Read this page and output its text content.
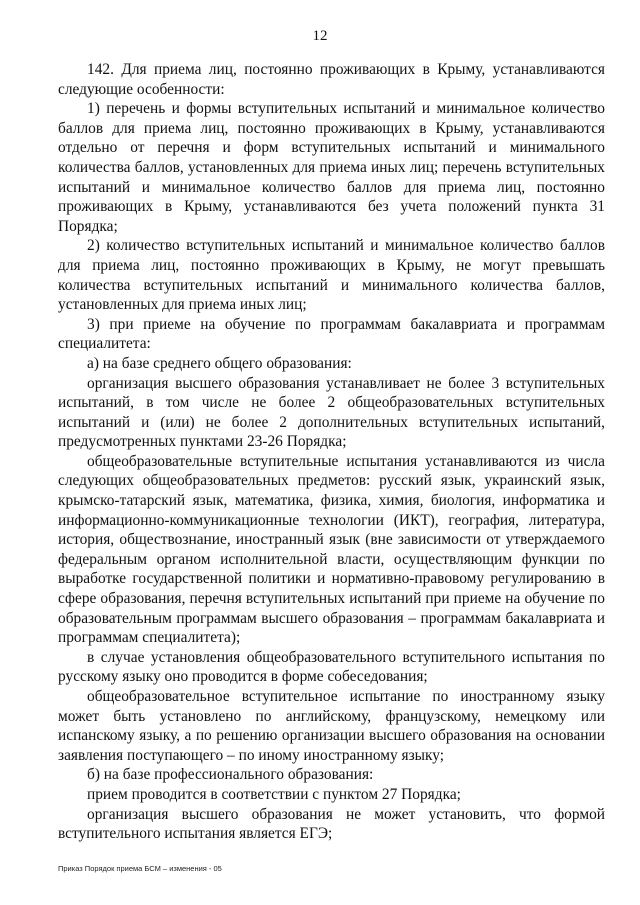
12

142. Для приема лиц, постоянно проживающих в Крыму, устанавливаются следующие особенности:

1) перечень и формы вступительных испытаний и минимальное количество баллов для приема лиц, постоянно проживающих в Крыму, устанавливаются отдельно от перечня и форм вступительных испытаний и минимального количества баллов, установленных для приема иных лиц; перечень вступительных испытаний и минимальное количество баллов для приема лиц, постоянно проживающих в Крыму, устанавливаются без учета положений пункта 31 Порядка;

2) количество вступительных испытаний и минимальное количество баллов для приема лиц, постоянно проживающих в Крыму, не могут превышать количества вступительных испытаний и минимального количества баллов, установленных для приема иных лиц;

3) при приеме на обучение по программам бакалавриата и программам специалитета:

а) на базе среднего общего образования:

организация высшего образования устанавливает не более 3 вступительных испытаний, в том числе не более 2 общеобразовательных вступительных испытаний и (или) не более 2 дополнительных вступительных испытаний, предусмотренных пунктами 23-26 Порядка;

общеобразовательные вступительные испытания устанавливаются из числа следующих общеобразовательных предметов: русский язык, украинский язык, крымско-татарский язык, математика, физика, химия, биология, информатика и информационно-коммуникационные технологии (ИКТ), география, литература, история, обществознание, иностранный язык (вне зависимости от утверждаемого федеральным органом исполнительной власти, осуществляющим функции по выработке государственной политики и нормативно-правовому регулированию в сфере образования, перечня вступительных испытаний при приеме на обучение по образовательным программам высшего образования – программам бакалавриата и программам специалитета);

в случае установления общеобразовательного вступительного испытания по русскому языку оно проводится в форме собеседования;

общеобразовательное вступительное испытание по иностранному языку может быть установлено по английскому, французскому, немецкому или испанскому языку, а по решению организации высшего образования на основании заявления поступающего – по иному иностранному языку;

б) на базе профессионального образования:

прием проводится в соответствии с пунктом 27 Порядка;

организация высшего образования не может установить, что формой вступительного испытания является ЕГЭ;

Приказ Порядок приема БСМ – изменения - 05
